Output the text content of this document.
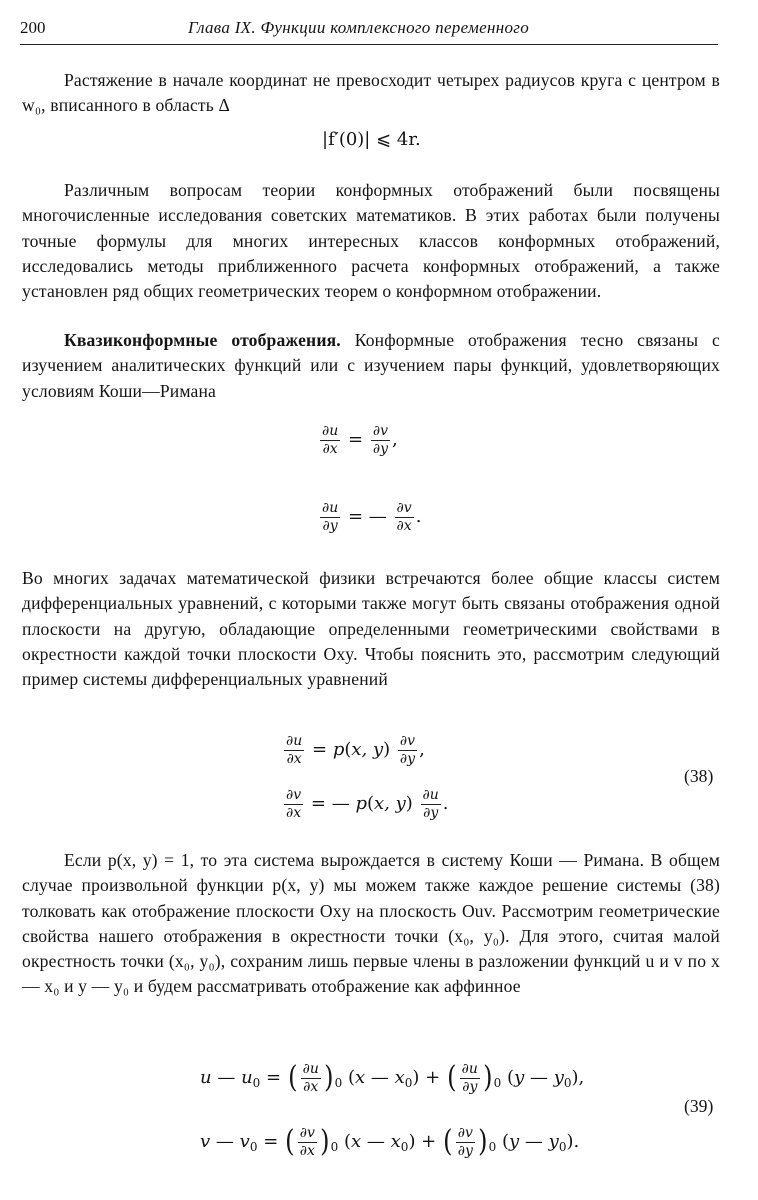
200	Глава IX. Функции комплексного переменного
Растяжение в начале координат не превосходит четырех радиусов круга с центром в w₀, вписанного в область Δ
|f′(0)| ⩽ 4r.
Различным вопросам теории конформных отображений были посвящены многочисленные исследования советских математиков. В этих работах были получены точные формулы для многих интересных классов конформных отображений, исследовались методы приближенного расчета конформных отображений, а также установлен ряд общих геометрических теорем о конформном отображении.
Квазиконформные отображения. Конформные отображения тесно связаны с изучением аналитических функций или с изучением пары функций, удовлетворяющих условиям Коши—Римана
$\frac{\partial u}{\partial x} = \frac{\partial v}{\partial y}$ ,
$\frac{\partial u}{\partial y}$ = — $\frac{\partial v}{\partial x}$ .
Во многих задачах математической физики встречаются более общие классы систем дифференциальных уравнений, с которыми также могут быть связаны отображения одной плоскости на другую, обладающие определенными геометрическими свойствами в окрестности каждой точки плоскости Oxy. Чтобы пояснить это, рассмотрим следующий пример системы дифференциальных уравнений
$\frac{\partial u}{\partial x} = p(x$, $y) \frac{\partial v}{\partial y}$ ,
$\frac{\partial v}{\partial x}$ = — p(x, $y) \frac{\partial u}{\partial y}$ .
(38)
Если p(x, y) = 1, то эта система вырождается в систему Коши — Римана. В общем случае произвольной функции p(x, y) мы можем также каждое решение системы (38) толковать как отображение плоскости Oxy на плоскость Ouv. Рассмотрим геометрические свойства нашего отображения в окрестности точки (x₀, y₀). Для этого, считая малой окрестность точки (x₀, y₀), сохраним лишь первые члены в разложении функций u и v по x — x₀ и y — y₀ и будем рассматривать отображение как аффинное
u — $u_0$ = ( $\frac{\partial u}{\partial x} )_0$ (x — $x_0$) + ( $\frac{\partial u}{\partial y} )_0$ (y — $y_0$),
v — $v_0$ = ( $\frac{\partial v}{\partial x} )_0$ (x — $x_0$) + ( $\frac{\partial v}{\partial y} )_0$ (y — $y_0$).
(39)
